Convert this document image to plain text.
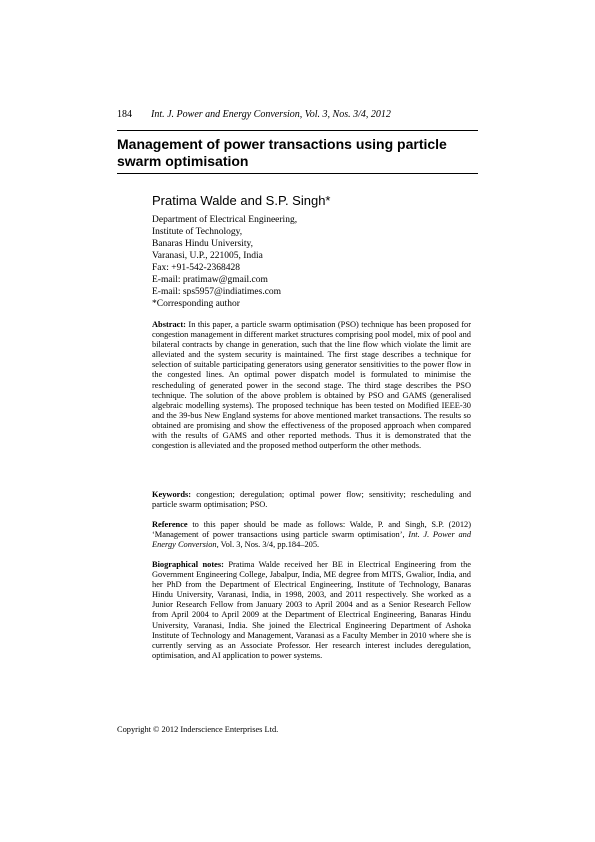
184 Int. J. Power and Energy Conversion, Vol. 3, Nos. 3/4, 2012
Management of power transactions using particle swarm optimisation
Pratima Walde and S.P. Singh*
Department of Electrical Engineering,
Institute of Technology,
Banaras Hindu University,
Varanasi, U.P., 221005, India
Fax: +91-542-2368428
E-mail: pratimaw@gmail.com
E-mail: sps5957@indiatimes.com
*Corresponding author
Abstract: In this paper, a particle swarm optimisation (PSO) technique has been proposed for congestion management in different market structures comprising pool model, mix of pool and bilateral contracts by change in generation, such that the line flow which violate the limit are alleviated and the system security is maintained. The first stage describes a technique for selection of suitable participating generators using generator sensitivities to the power flow in the congested lines. An optimal power dispatch model is formulated to minimise the rescheduling of generated power in the second stage. The third stage describes the PSO technique. The solution of the above problem is obtained by PSO and GAMS (generalised algebraic modelling systems). The proposed technique has been tested on Modified IEEE-30 and the 39-bus New England systems for above mentioned market transactions. The results so obtained are promising and show the effectiveness of the proposed approach when compared with the results of GAMS and other reported methods. Thus it is demonstrated that the congestion is alleviated and the proposed method outperform the other methods.
Keywords: congestion; deregulation; optimal power flow; sensitivity; rescheduling and particle swarm optimisation; PSO.
Reference to this paper should be made as follows: Walde, P. and Singh, S.P. (2012) ‘Management of power transactions using particle swarm optimisation’, Int. J. Power and Energy Conversion, Vol. 3, Nos. 3/4, pp.184–205.
Biographical notes: Pratima Walde received her BE in Electrical Engineering from the Government Engineering College, Jabalpur, India, ME degree from MITS, Gwalior, India, and her PhD from the Department of Electrical Engineering, Institute of Technology, Banaras Hindu University, Varanasi, India, in 1998, 2003, and 2011 respectively. She worked as a Junior Research Fellow from January 2003 to April 2004 and as a Senior Research Fellow from April 2004 to April 2009 at the Department of Electrical Engineering, Banaras Hindu University, Varanasi, India. She joined the Electrical Engineering Department of Ashoka Institute of Technology and Management, Varanasi as a Faculty Member in 2010 where she is currently serving as an Associate Professor. Her research interest includes deregulation, optimisation, and AI application to power systems.
Copyright © 2012 Inderscience Enterprises Ltd.
